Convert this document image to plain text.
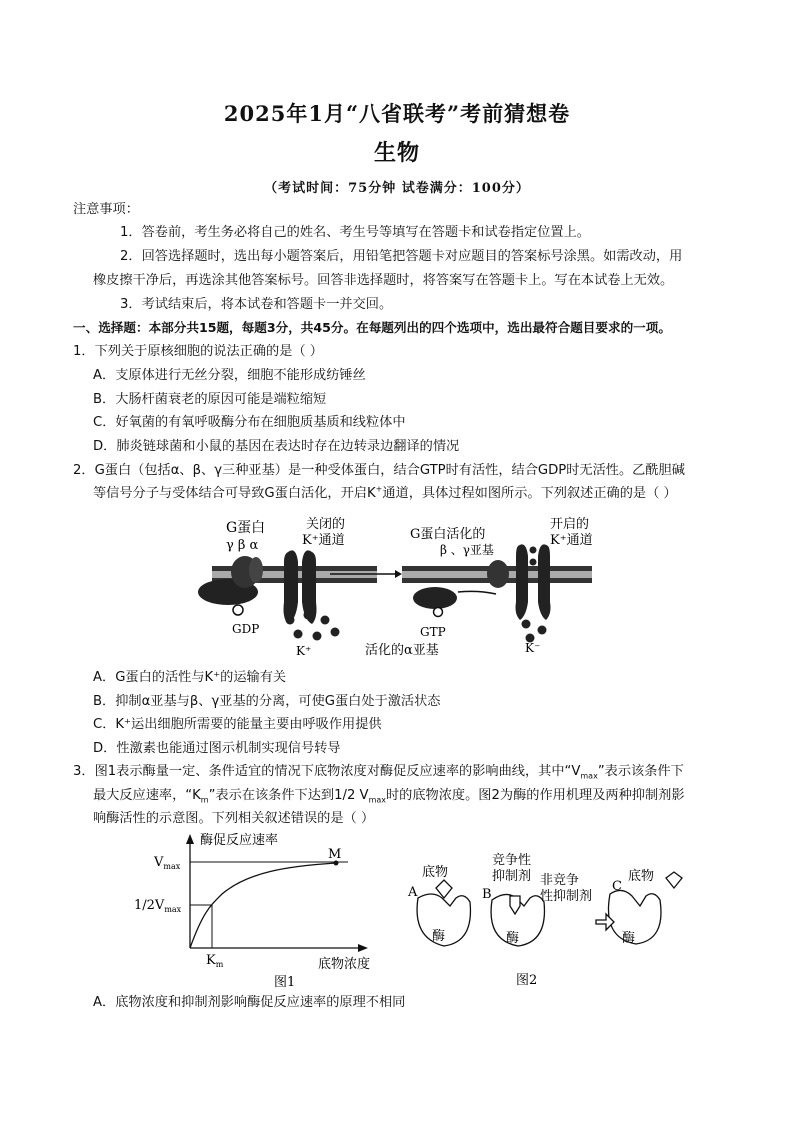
2025年1月“八省联考”考前猜想卷
生物
（考试时间：75分钟 试卷满分：100分）
注意事项：
1．答卷前，考生务必将自己的姓名、考生号等填写在答题卡和试卷指定位置上。
2．回答选择题时，选出每小题答案后，用铅笔把答题卡对应题目的答案标号涂黑。如需改动，用
橡皮擦干净后，再选涂其他答案标号。回答非选择题时，将答案写在答题卡上。写在本试卷上无效。
3．考试结束后，将本试卷和答题卡一并交回。
一、选择题：本部分共15题，每题3分，共45分。在每题列出的四个选项中，选出最符合题目要求的一项。
1．下列关于原核细胞的说法正确的是（ ）
A．支原体进行无丝分裂，细胞不能形成纺锤丝
B．大肠杆菌衰老的原因可能是端粒缩短
C．好氧菌的有氧呼吸酶分布在细胞质基质和线粒体中
D．肺炎链球菌和小鼠的基因在表达时存在边转录边翻译的情况
2．G蛋白（包括α、β、γ三种亚基）是一种受体蛋白，结合GTP时有活性，结合GDP时无活性。乙酰胆碱
等信号分子与受体结合可导致G蛋白活化，开启K+通道，具体过程如图所示。下列叙述正确的是（ ）
G蛋白
γ β α
关闭的
K⁺通道	G蛋白活化的
β 、γ亚基
开启的
K⁺通道
GDP	GTP
K⁺	活化的α亚基	K⁻
A．G蛋白的活性与K⁺的运输有关
B．抑制α亚基与β、γ亚基的分离，可使G蛋白处于激活状态
C．K⁺运出细胞所需要的能量主要由呼吸作用提供
D．性激素也能通过图示机制实现信号转导
3．图1表示酶量一定、条件适宜的情况下底物浓度对酶促反应速率的影响曲线，其中“$V_{max}$”表示该条件下
最大反应速率，“$K_m$”表示在该条件下达到1/2 $V_{max}$时的底物浓度。图2为酶的作用机理及两种抑制剂影
响酶活性的示意图。下列相关叙述错误的是（ ）
酶促反应速率
$V_{max}$
M
$1/2V_{max}$
$K_m$	底物浓度
图1
A
底物
酶
B
竞争性
抑制剂
酶
非竞争
性抑制剂
C
底物
酶
图2
A．底物浓度和抑制剂影响酶促反应速率的原理不相同
